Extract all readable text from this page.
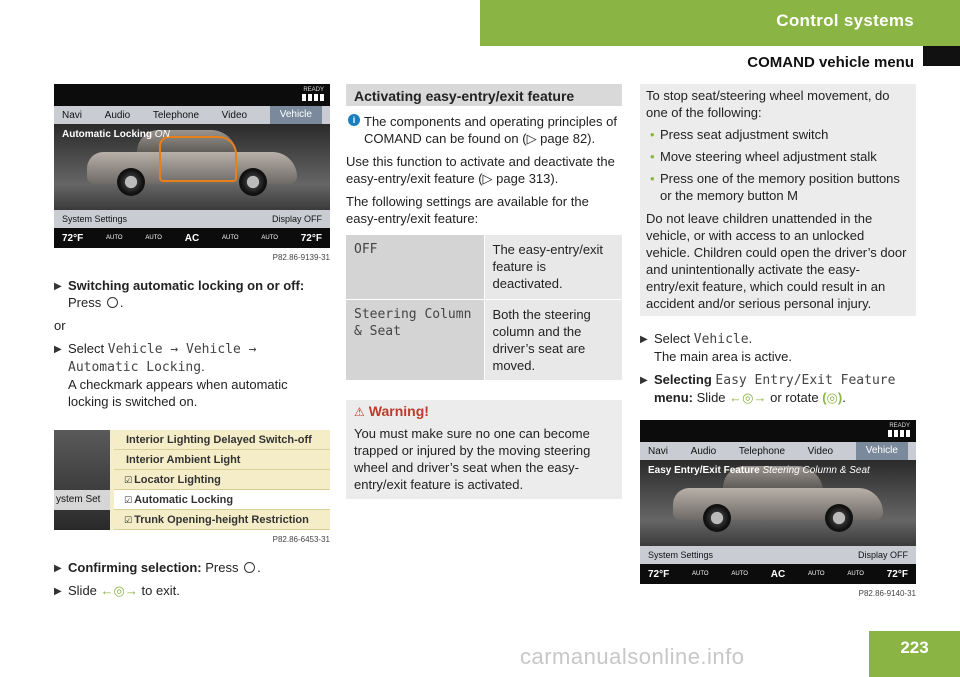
Control systems
COMAND vehicle menu
READY
Navi Audio Telephone Video	Vehicle
Automatic Locking ON
System Settings	Display OFF
72°F	AUTO	AUTO AC	AUTO	AUTO 72°F
P82.86-9139-31
▶ Switching automatic locking on or off:
Press .
or
▶ Select Vehicle → Vehicle → Automatic Locking.
A checkmark appears when automatic locking is switched on.
ystem Set
Interior Lighting Delayed Switch-off
Interior Ambient Light
☑ Locator Lighting
☑ Automatic Locking
☑ Trunk Opening-height Restriction
P82.86-6453-31
▶ Confirming selection: Press .
▶ Slide ←◎→ to exit.
Activating easy-entry/exit feature
i The components and operating principles of COMAND can be found on (▷ page 82).
Use this function to activate and deactivate the easy-entry/exit feature (▷ page 313).
The following settings are available for the easy-entry/exit feature:
OFF	The easy-entry/exit feature is deactivated.
Steering Column & Seat	Both the steering column and the driver’s seat are moved.
⚠ Warning!
You must make sure no one can become trapped or injured by the moving steering wheel and driver’s seat when the easy-entry/exit feature is activated.
To stop seat/steering wheel movement, do one of the following:
• Press seat adjustment switch
• Move steering wheel adjustment stalk
• Press one of the memory position buttons or the memory button M
Do not leave children unattended in the vehicle, or with access to an unlocked vehicle. Children could open the driver’s door and unintentionally activate the easy-entry/exit feature, which could result in an accident and/or serious personal injury.
▶ Select Vehicle.
The main area is active.
▶ Selecting Easy Entry/Exit Feature
menu: Slide ←◎→ or rotate (◎).
READY
Navi Audio Telephone Video	Vehicle
Easy Entry/Exit Feature Steering Column & Seat
System Settings	Display OFF
72°F	AUTO	AUTO AC	AUTO	AUTO 72°F
P82.86-9140-31
223
carmanualsonline.info
